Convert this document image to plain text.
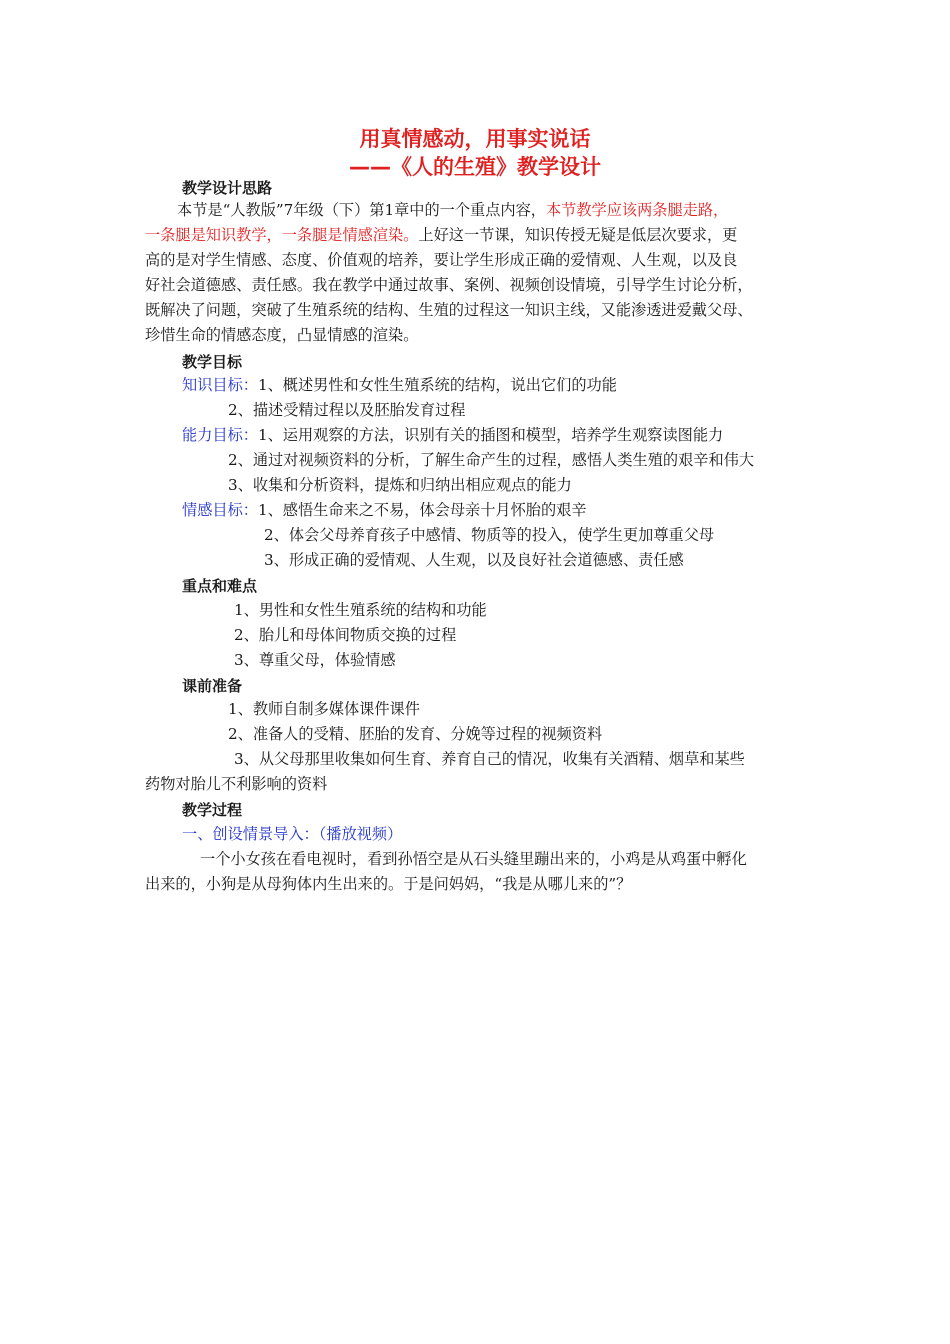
用真情感动，用事实说话
——《人的生殖》教学设计
教学设计思路
本节是“人教版”7年级（下）第1章中的一个重点内容，本节教学应该两条腿走路，
一条腿是知识教学，一条腿是情感渲染。上好这一节课，知识传授无疑是低层次要求，更
高的是对学生情感、态度、价值观的培养，要让学生形成正确的爱情观、人生观，以及良
好社会道德感、责任感。我在教学中通过故事、案例、视频创设情境，引导学生讨论分析，
既解决了问题，突破了生殖系统的结构、生殖的过程这一知识主线，又能渗透进爱戴父母、
珍惜生命的情感态度，凸显情感的渲染。
教学目标
知识目标：1、概述男性和女性生殖系统的结构，说出它们的功能
2、描述受精过程以及胚胎发育过程
能力目标：1、运用观察的方法，识别有关的插图和模型，培养学生观察读图能力
2、通过对视频资料的分析，了解生命产生的过程，感悟人类生殖的艰辛和伟大
3、收集和分析资料，提炼和归纳出相应观点的能力
情感目标：1、感悟生命来之不易，体会母亲十月怀胎的艰辛
2、体会父母养育孩子中感情、物质等的投入，使学生更加尊重父母
3、形成正确的爱情观、人生观，以及良好社会道德感、责任感
重点和难点
1、男性和女性生殖系统的结构和功能
2、胎儿和母体间物质交换的过程
3、尊重父母，体验情感
课前准备
1、教师自制多媒体课件课件
2、准备人的受精、胚胎的发育、分娩等过程的视频资料
3、从父母那里收集如何生育、养育自己的情况，收集有关酒精、烟草和某些
药物对胎儿不利影响的资料
教学过程
一、创设情景导入：（播放视频）
一个小女孩在看电视时，看到孙悟空是从石头缝里蹦出来的，小鸡是从鸡蛋中孵化
出来的，小狗是从母狗体内生出来的。于是问妈妈，“我是从哪儿来的”？
